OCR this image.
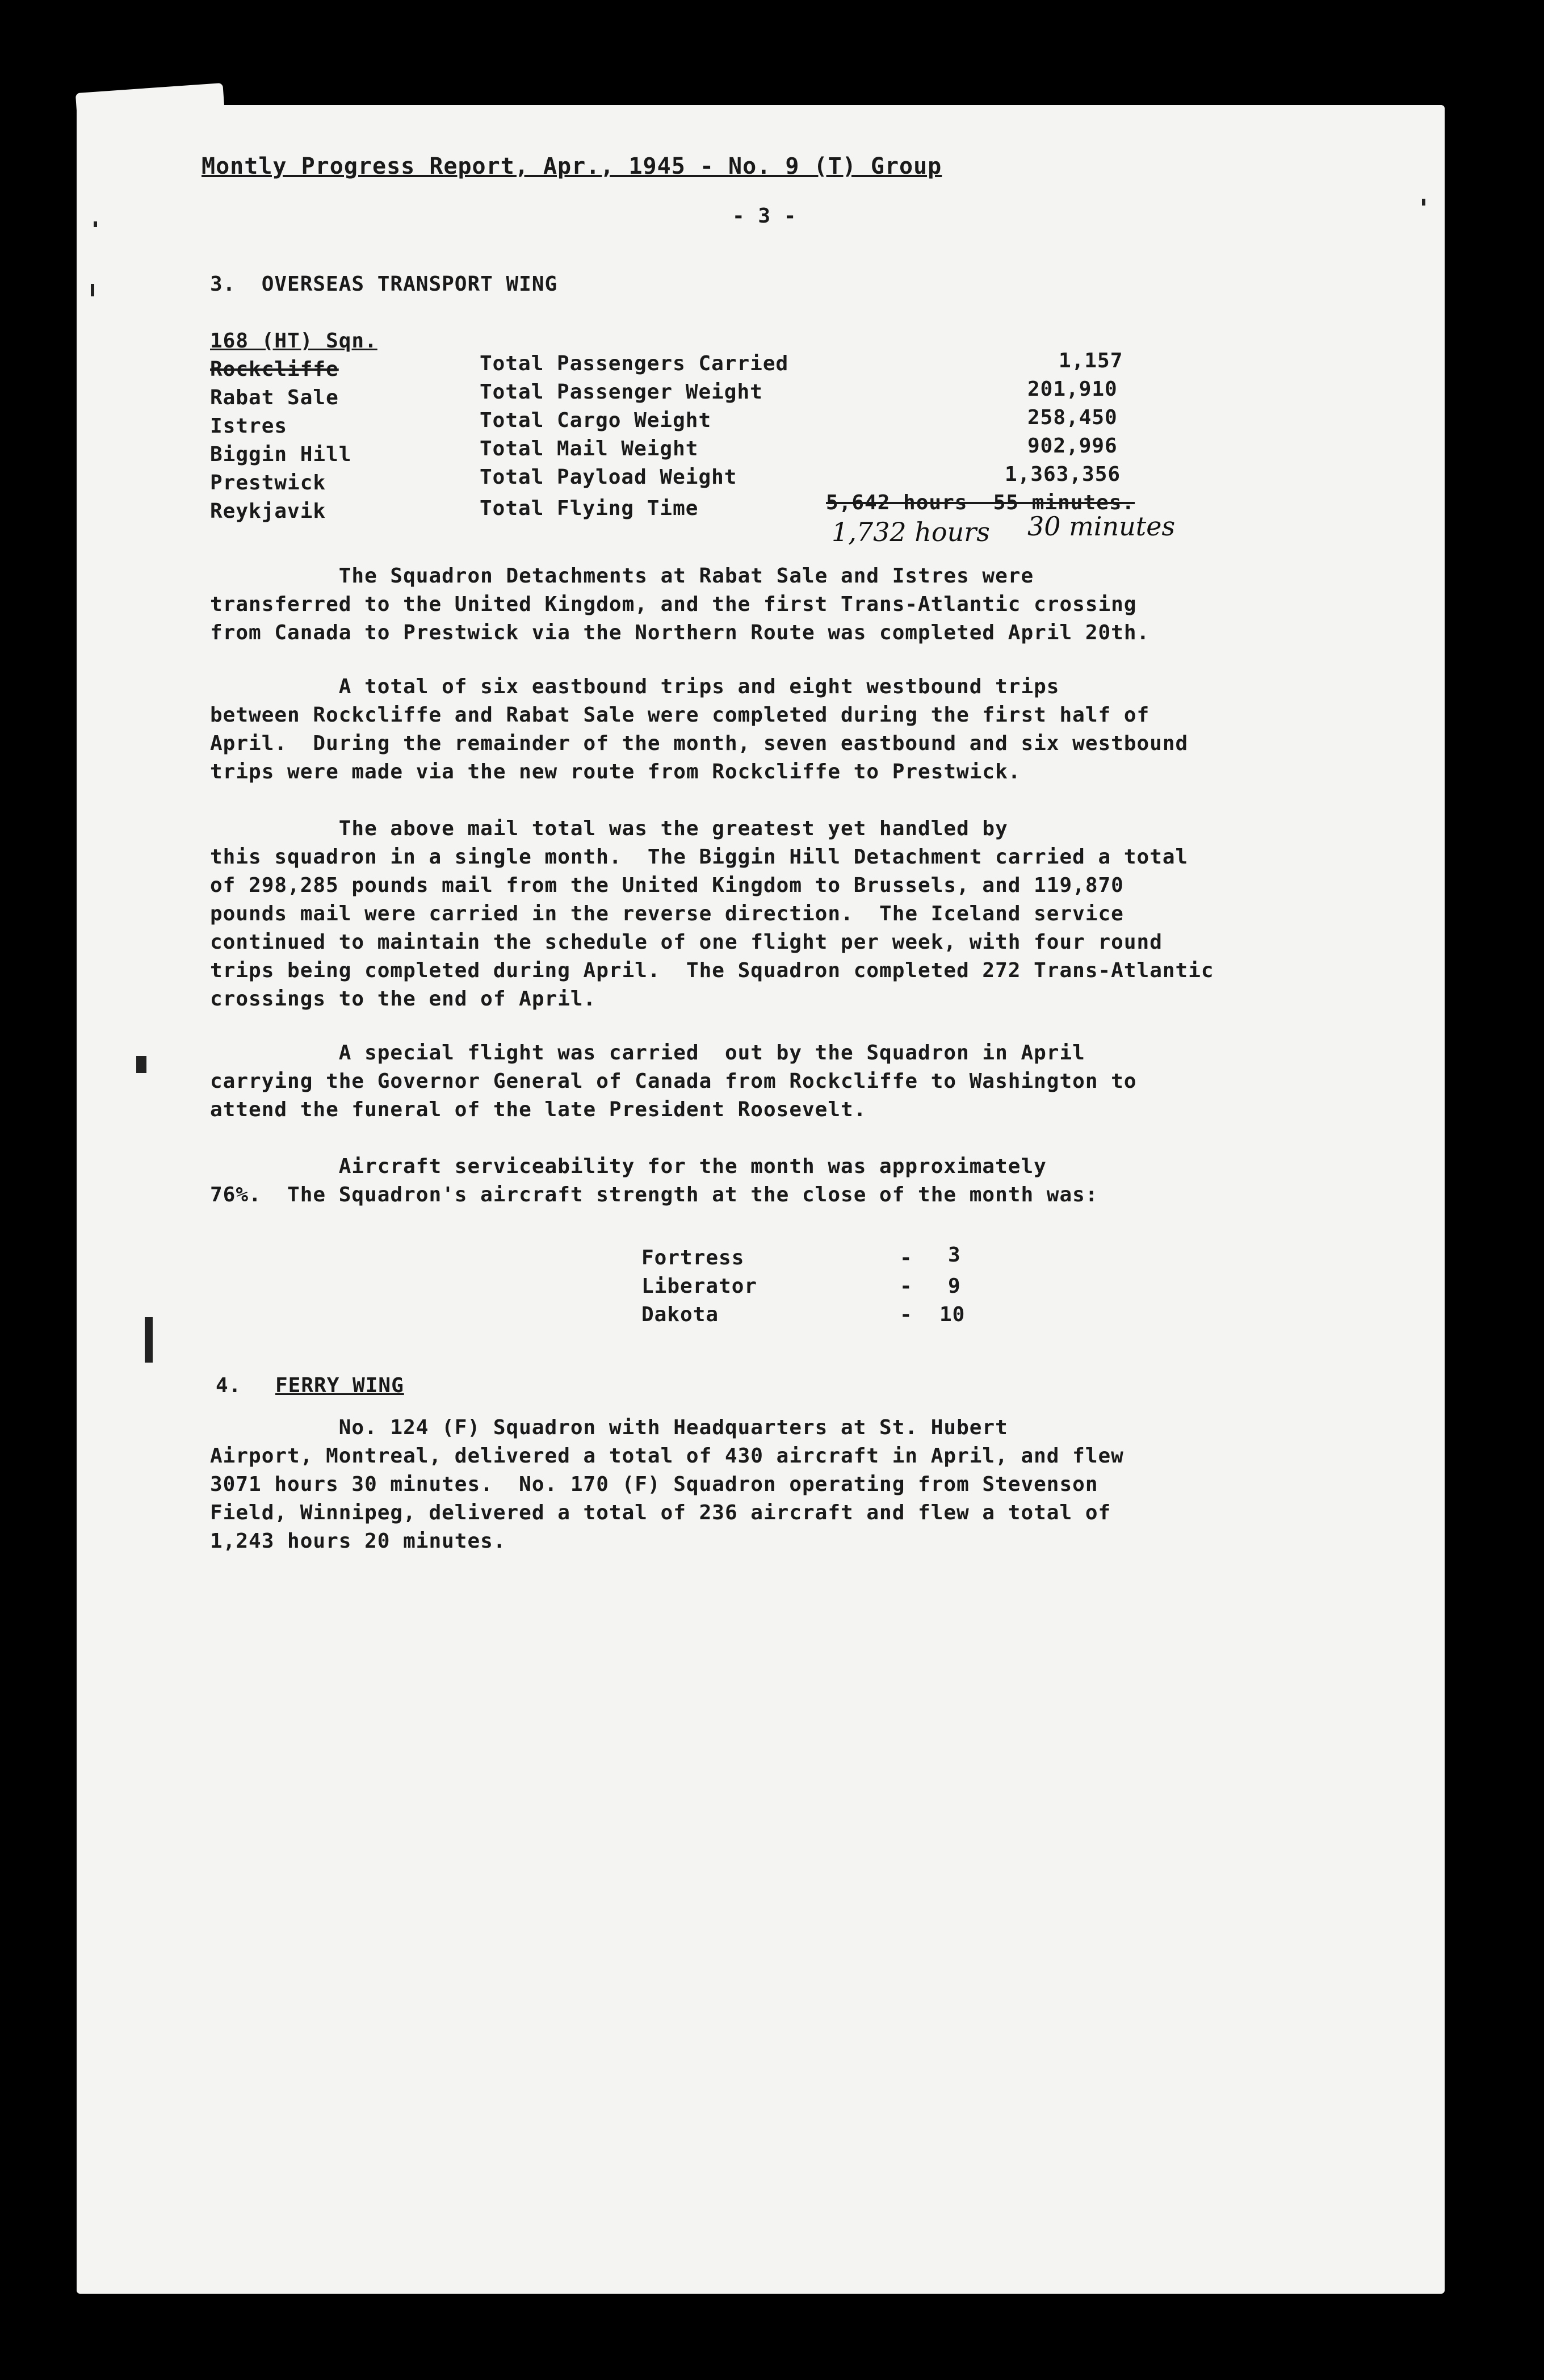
Montly Progress Report, Apr., 1945 - No. 9 (T) Group
- 3 -
3.  OVERSEAS TRANSPORT WING
168 (HT) Sqn.
Rockcliffe
Rabat Sale
Istres
Biggin Hill
Prestwick
Reykjavik
Total Passengers Carried
Total Passenger Weight
Total Cargo Weight
Total Mail Weight
Total Payload Weight
Total Flying Time
1,157
201,910
258,450
902,996
1,363,356
5,642 hours  55 minutes.
1,732 hours 30 minutes
The Squadron Detachments at Rabat Sale and Istres were
transferred to the United Kingdom, and the first Trans-Atlantic crossing
from Canada to Prestwick via the Northern Route was completed April 20th.
A total of six eastbound trips and eight westbound trips
between Rockcliffe and Rabat Sale were completed during the first half of
April.  During the remainder of the month, seven eastbound and six westbound
trips were made via the new route from Rockcliffe to Prestwick.
The above mail total was the greatest yet handled by
this squadron in a single month.  The Biggin Hill Detachment carried a total
of 298,285 pounds mail from the United Kingdom to Brussels, and 119,870
pounds mail were carried in the reverse direction.  The Iceland service
continued to maintain the schedule of one flight per week, with four round
trips being completed during April.  The Squadron completed 272 Trans-Atlantic
crossings to the end of April.
A special flight was carried  out by the Squadron in April
carrying the Governor General of Canada from Rockcliffe to Washington to
attend the funeral of the late President Roosevelt.
Aircraft serviceability for the month was approximately
76%.  The Squadron's aircraft strength at the close of the month was:
Fortress
Liberator
Dakota
-
-
-
3
9
10
4. FERRY WING
No. 124 (F) Squadron with Headquarters at St. Hubert
Airport, Montreal, delivered a total of 430 aircraft in April, and flew
3071 hours 30 minutes.  No. 170 (F) Squadron operating from Stevenson
Field, Winnipeg, delivered a total of 236 aircraft and flew a total of
1,243 hours 20 minutes.
